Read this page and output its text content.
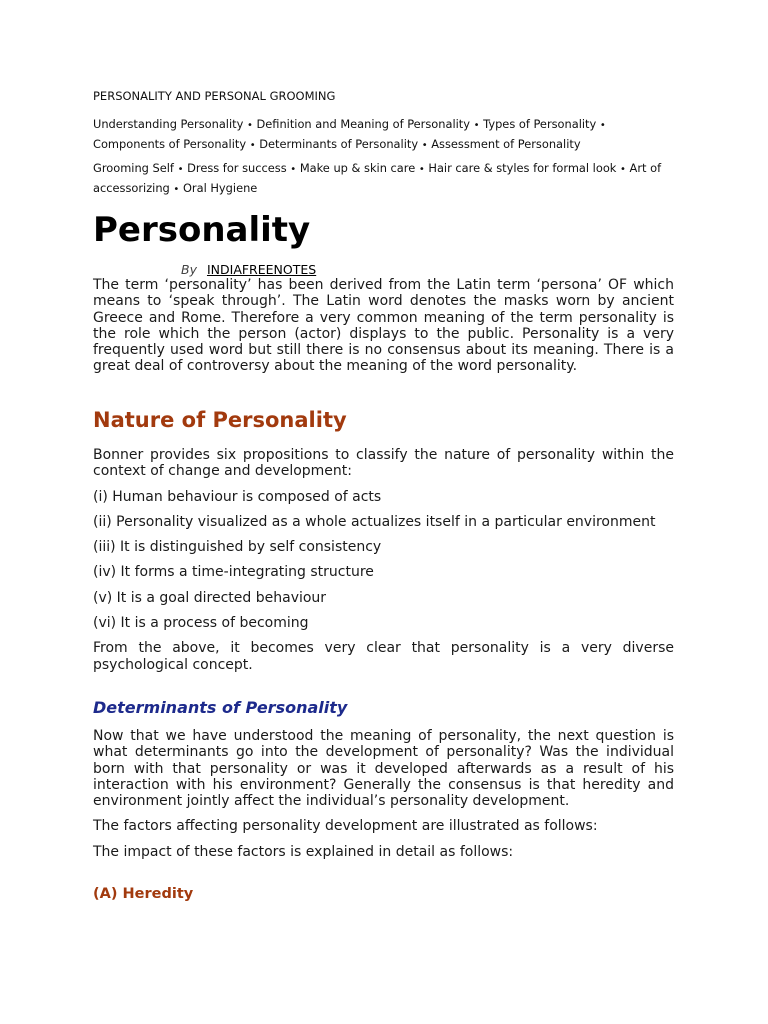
PERSONALITY AND PERSONAL GROOMING
Understanding Personality • Definition and Meaning of Personality • Types of Personality • Components of Personality • Determinants of Personality • Assessment of Personality
Grooming Self • Dress for success • Make up & skin care • Hair care & styles for formal look • Art of accessorizing • Oral Hygiene
Personality
By INDIAFREENOTES

The term ‘personality’ has been derived from the Latin term ‘persona’ OF which means to ‘speak through’. The Latin word denotes the masks worn by ancient Greece and Rome. Therefore a very common meaning of the term personality is the role which the person (actor) displays to the public. Personality is a very frequently used word but still there is no consensus about its meaning. There is a great deal of controversy about the meaning of the word personality.

Nature of Personality

Bonner provides six propositions to classify the nature of personality within the context of change and development:

(i) Human behaviour is composed of acts

(ii) Personality visualized as a whole actualizes itself in a particular environment

(iii) It is distinguished by self consistency

(iv) It forms a time-integrating structure

(v) It is a goal directed behaviour

(vi) It is a process of becoming

From the above, it becomes very clear that personality is a very diverse psychological concept.

Determinants of Personality

Now that we have understood the meaning of personality, the next question is what determinants go into the development of personality? Was the individual born with that personality or was it developed afterwards as a result of his interaction with his environment? Generally the consensus is that heredity and environment jointly affect the individual’s personality development.

The factors affecting personality development are illustrated as follows:

The impact of these factors is explained in detail as follows:

(A) Heredity
